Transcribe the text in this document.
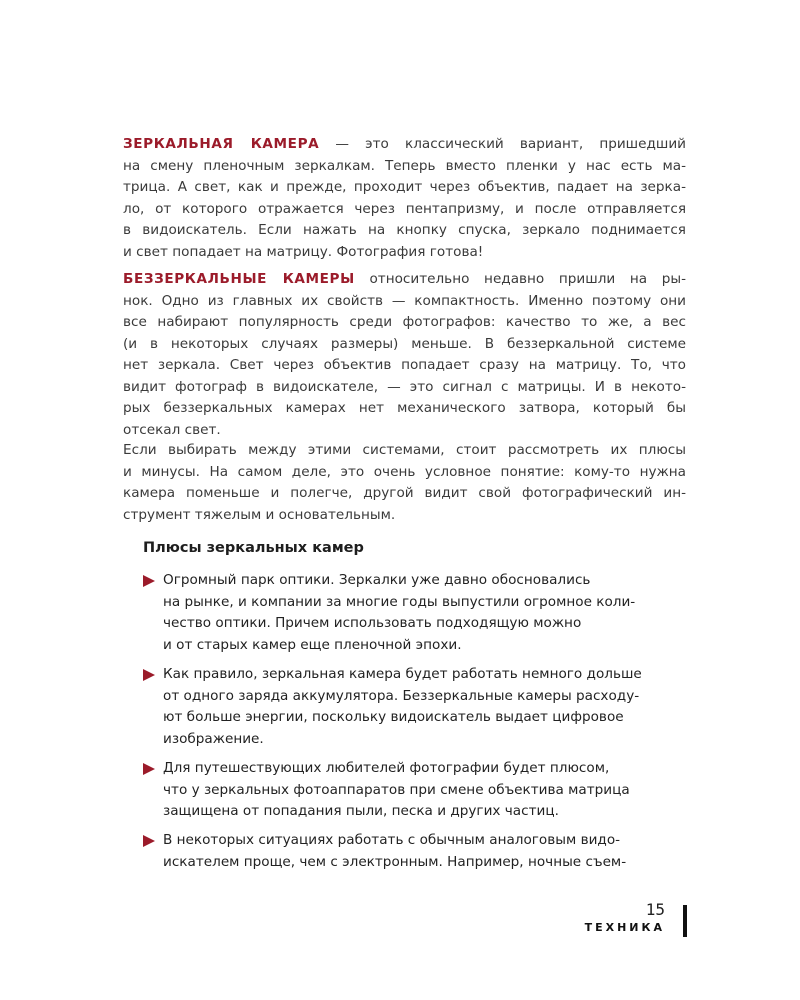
ЗЕРКАЛЬНАЯ КАМЕРА — это классический вариант, пришедший
на смену пленочным зеркалкам. Теперь вместо пленки у нас есть ма-
трица. А свет, как и прежде, проходит через объектив, падает на зерка-
ло, от которого отражается через пентапризму, и после отправляется
в видоискатель. Если нажать на кнопку спуска, зеркало поднимается
и свет попадает на матрицу. Фотография готова!
БЕЗЗЕРКАЛЬНЫЕ КАМЕРЫ относительно недавно пришли на ры-
нок. Одно из главных их свойств — компактность. Именно поэтому они
все набирают популярность среди фотографов: качество то же, а вес
(и в некоторых случаях размеры) меньше. В беззеркальной системе
нет зеркала. Свет через объектив попадает сразу на матрицу. То, что
видит фотограф в видоискателе, — это сигнал с матрицы. И в некото-
рых беззеркальных камерах нет механического затвора, который бы
отсекал свет.
Если выбирать между этими системами, стоит рассмотреть их плюсы
и минусы. На самом деле, это очень условное понятие: кому-то нужна
камера поменьше и полегче, другой видит свой фотографический ин-
струмент тяжелым и основательным.
Плюсы зеркальных камер
Огромный парк оптики. Зеркалки уже давно обосновались
на рынке, и компании за многие годы выпустили огромное коли-
чество оптики. Причем использовать подходящую можно
и от старых камер еще пленочной эпохи.
Как правило, зеркальная камера будет работать немного дольше
от одного заряда аккумулятора. Беззеркальные камеры расходу-
ют больше энергии, поскольку видоискатель выдает цифровое
изображение.
Для путешествующих любителей фотографии будет плюсом,
что у зеркальных фотоаппаратов при смене объектива матрица
защищена от попадания пыли, песка и других частиц.
В некоторых ситуациях работать с обычным аналоговым видо-
искателем проще, чем с электронным. Например, ночные съем-
15
ТЕХНИКА
